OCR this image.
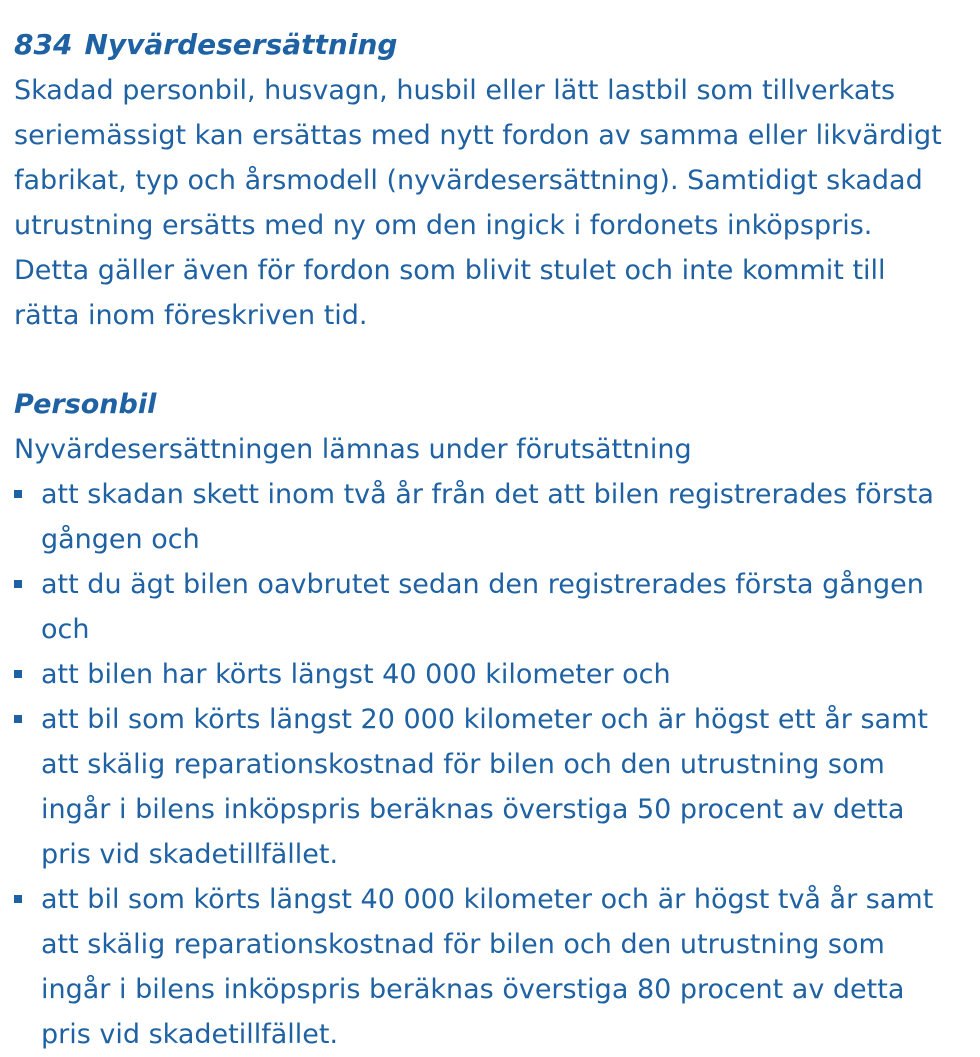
834 Nyvärdesersättning

Skadad personbil, husvagn, husbil eller lätt lastbil som tillverkats seriemässigt kan ersättas med nytt fordon av samma eller likvärdigt fabrikat, typ och årsmodell (nyvärdesersättning). Samtidigt skadad utrustning ersätts med ny om den ingick i fordonets inköpspris. Detta gäller även för fordon som blivit stulet och inte kommit till rätta inom föreskriven tid.

Personbil

Nyvärdesersättningen lämnas under förutsättning

att skadan skett inom två år från det att bilen registrerades första gången och
att du ägt bilen oavbrutet sedan den registrerades första gången och
att bilen har körts längst 40 000 kilometer och
att bil som körts längst 20 000 kilometer och är högst ett år samt att skälig reparationskostnad för bilen och den utrustning som ingår i bilens inköpspris beräknas överstiga 50 procent av detta pris vid skadetillfället.
att bil som körts längst 40 000 kilometer och är högst två år samt att skälig reparationskostnad för bilen och den utrustning som ingår i bilens inköpspris beräknas överstiga 80 procent av detta pris vid skadetillfället.
